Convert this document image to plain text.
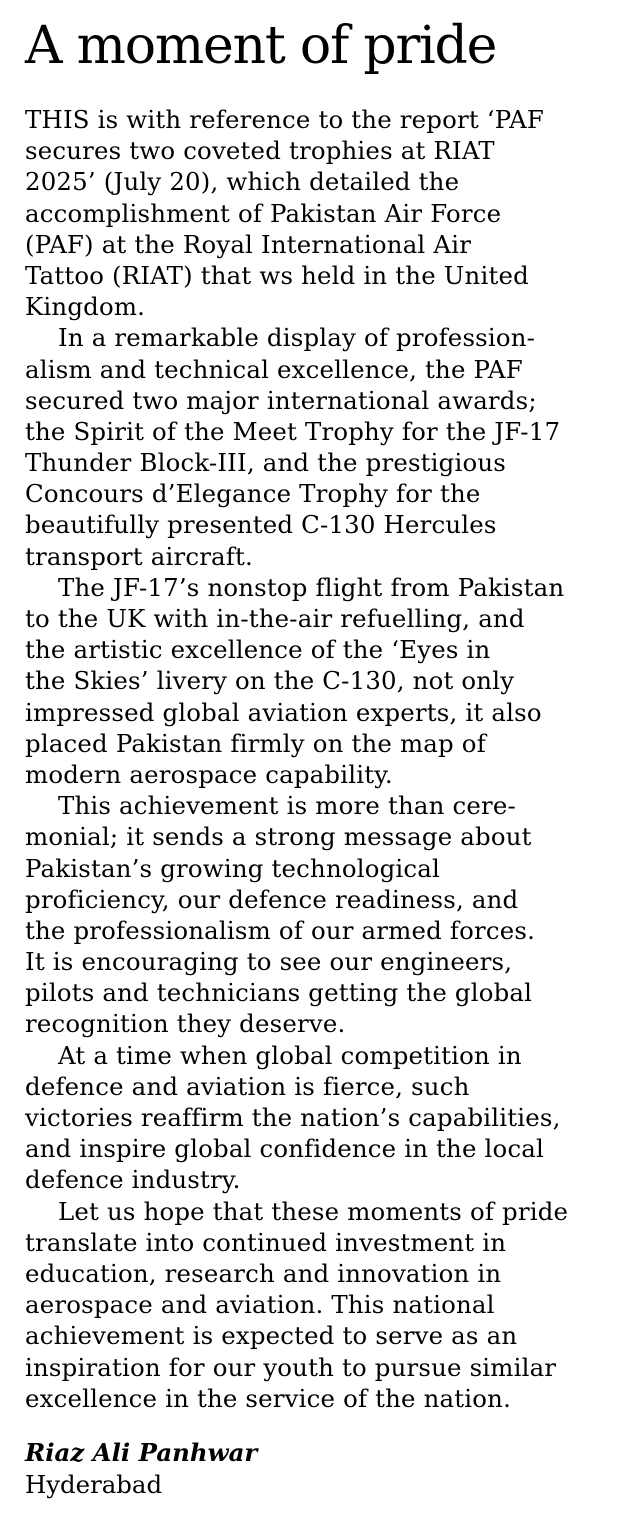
A moment of pride
THIS is with reference to the report ‘PAF
secures two coveted trophies at RIAT
2025’ (July 20), which detailed the
accomplishment of Pakistan Air Force
(PAF) at the Royal International Air
Tattoo (RIAT) that ws held in the United
Kingdom.
In a remarkable display of profession-
alism and technical excellence, the PAF
secured two major international awards;
the Spirit of the Meet Trophy for the JF-17
Thunder Block-III, and the prestigious
Concours d’Elegance Trophy for the
beautifully presented C-130 Hercules
transport aircraft.
The JF-17’s nonstop flight from Pakistan
to the UK with in-the-air refuelling, and
the artistic excellence of the ‘Eyes in
the Skies’ livery on the C-130, not only
impressed global aviation experts, it also
placed Pakistan firmly on the map of
modern aerospace capability.
This achievement is more than cere-
monial; it sends a strong message about
Pakistan’s growing technological
proficiency, our defence readiness, and
the professionalism of our armed forces.
It is encouraging to see our engineers,
pilots and technicians getting the global
recognition they deserve.
At a time when global competition in
defence and aviation is fierce, such
victories reaffirm the nation’s capabilities,
and inspire global confidence in the local
defence industry.
Let us hope that these moments of pride
translate into continued investment in
education, research and innovation in
aerospace and aviation. This national
achievement is expected to serve as an
inspiration for our youth to pursue similar
excellence in the service of the nation.
Riaz Ali Panhwar
Hyderabad
